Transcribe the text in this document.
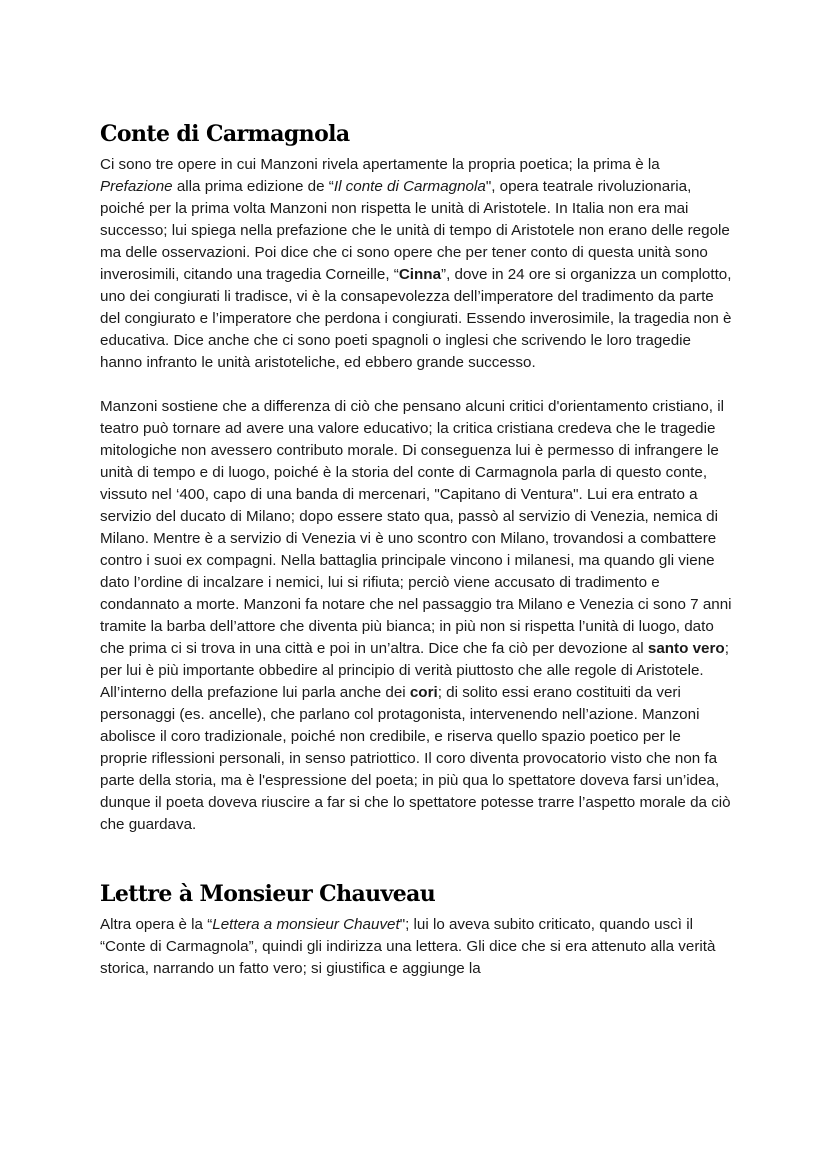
Conte di Carmagnola

Ci sono tre opere in cui Manzoni rivela apertamente la propria poetica; la prima è la Prefazione alla prima edizione de “Il conte di Carmagnola", opera teatrale rivoluzionaria, poiché per la prima volta Manzoni non rispetta le unità di Aristotele. In Italia non era mai successo; lui spiega nella prefazione che le unità di tempo di Aristotele non erano delle regole ma delle osservazioni. Poi dice che ci sono opere che per tener conto di questa unità sono inverosimili, citando una tragedia Corneille, “Cinna”, dove in 24 ore si organizza un complotto, uno dei congiurati li tradisce, vi è la consapevolezza dell’imperatore del tradimento da parte del congiurato e l’imperatore che perdona i congiurati. Essendo inverosimile, la tragedia non è educativa. Dice anche che ci sono poeti spagnoli o inglesi che scrivendo le loro tragedie hanno infranto le unità aristoteliche, ed ebbero grande successo.

Manzoni sostiene che a differenza di ciò che pensano alcuni critici d'orientamento cristiano, il teatro può tornare ad avere una valore educativo; la critica cristiana credeva che le tragedie mitologiche non avessero contributo morale. Di conseguenza lui è permesso di infrangere le unità di tempo e di luogo, poiché è la storia del conte di Carmagnola parla di questo conte, vissuto nel ‘400, capo di una banda di mercenari, "Capitano di Ventura". Lui era entrato a servizio del ducato di Milano; dopo essere stato qua, passò al servizio di Venezia, nemica di Milano. Mentre è a servizio di Venezia vi è uno scontro con Milano, trovandosi a combattere contro i suoi ex compagni. Nella battaglia principale vincono i milanesi, ma quando gli viene dato l’ordine di incalzare i nemici, lui si rifiuta; perciò viene accusato di tradimento e condannato a morte. Manzoni fa notare che nel passaggio tra Milano e Venezia ci sono 7 anni tramite la barba dell’attore che diventa più bianca; in più non si rispetta l’unità di luogo, dato che prima ci si trova in una città e poi in un’altra. Dice che fa ciò per devozione al santo vero; per lui è più importante obbedire al principio di verità piuttosto che alle regole di Aristotele.

All’interno della prefazione lui parla anche dei cori; di solito essi erano costituiti da veri personaggi (es. ancelle), che parlano col protagonista, intervenendo nell’azione. Manzoni abolisce il coro tradizionale, poiché non credibile, e riserva quello spazio poetico per le proprie riflessioni personali, in senso patriottico. Il coro diventa provocatorio visto che non fa parte della storia, ma è l'espressione del poeta; in più qua lo spettatore doveva farsi un’idea, dunque il poeta doveva riuscire a far si che lo spettatore potesse trarre l’aspetto morale da ciò che guardava.

Lettre à Monsieur Chauveau

Altra opera è la “Lettera a monsieur Chauvet"; lui lo aveva subito criticato, quando uscì il “Conte di Carmagnola”, quindi gli indirizza una lettera. Gli dice che si era attenuto alla verità storica, narrando un fatto vero; si giustifica e aggiunge la
